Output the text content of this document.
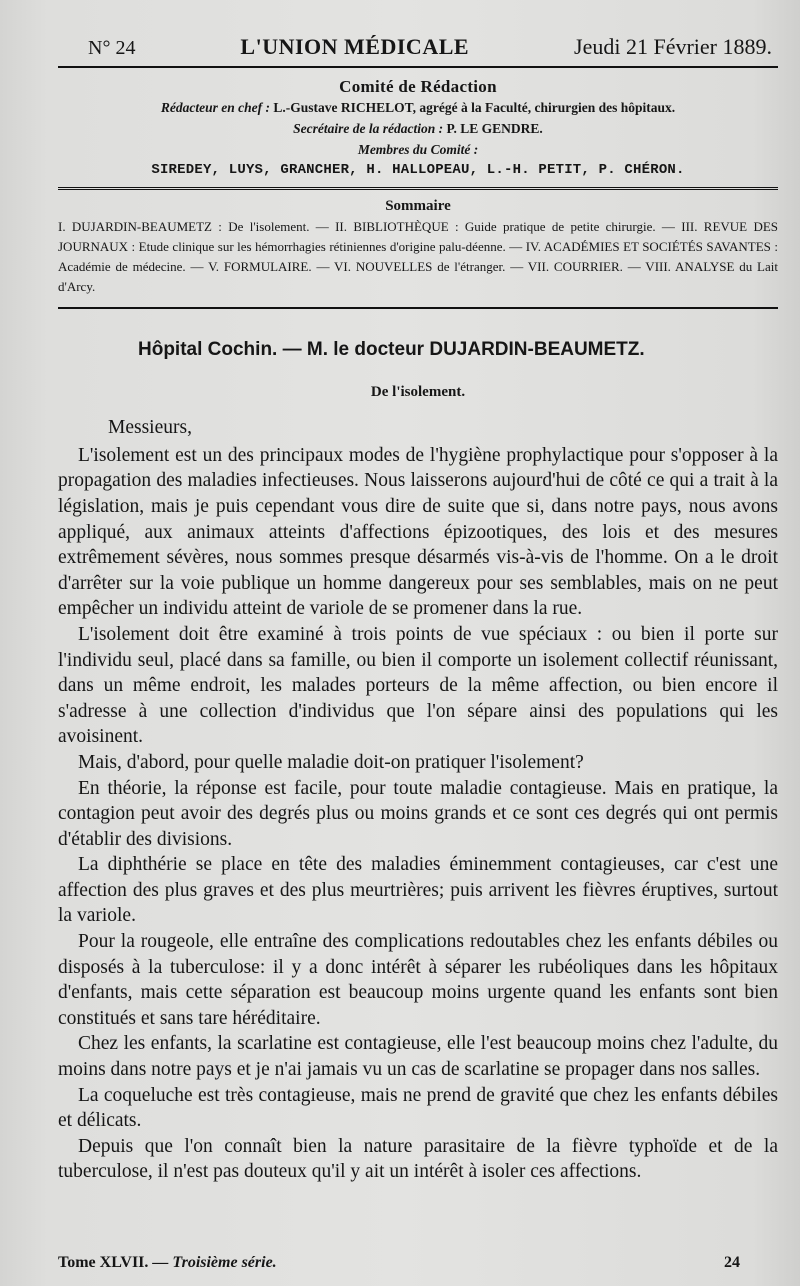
N° 24	L'UNION MÉDICALE	Jeudi 21 Février 1889.
Comité de Rédaction
Rédacteur en chef : L.-Gustave RICHELOT, agrégé à la Faculté, chirurgien des hôpitaux.
Secrétaire de la rédaction : P. LE GENDRE.
Membres du Comité :
SIREDEY, LUYS, GRANCHER, H. HALLOPEAU, L.-H. PETIT, P. CHÉRON.
Sommaire

I. DUJARDIN-BEAUMETZ : De l'isolement. — II. BIBLIOTHÈQUE : Guide pratique de petite chirurgie. — III. REVUE DES JOURNAUX : Etude clinique sur les hémorrhagies rétiniennes d'origine palu-déenne. — IV. ACADÉMIES ET SOCIÉTÉS SAVANTES : Académie de médecine. — V. FORMULAIRE. — VI. NOUVELLES de l'étranger. — VII. COURRIER. — VIII. ANALYSE du Lait d'Arcy.

Hôpital Cochin. — M. le docteur DUJARDIN-BEAUMETZ.
De l'isolement.
Messieurs,

L'isolement est un des principaux modes de l'hygiène prophylactique pour s'opposer à la propagation des maladies infectieuses. Nous laisserons aujourd'hui de côté ce qui a trait à la législation, mais je puis cependant vous dire de suite que si, dans notre pays, nous avons appliqué, aux animaux atteints d'affections épizootiques, des lois et des mesures extrêmement sévères, nous sommes presque désarmés vis-à-vis de l'homme. On a le droit d'arrêter sur la voie publique un homme dangereux pour ses semblables, mais on ne peut empêcher un individu atteint de variole de se promener dans la rue.

L'isolement doit être examiné à trois points de vue spéciaux : ou bien il porte sur l'individu seul, placé dans sa famille, ou bien il comporte un isolement collectif réunissant, dans un même endroit, les malades porteurs de la même affection, ou bien encore il s'adresse à une collection d'individus que l'on sépare ainsi des populations qui les avoisinent.

Mais, d'abord, pour quelle maladie doit-on pratiquer l'isolement?

En théorie, la réponse est facile, pour toute maladie contagieuse. Mais en pratique, la contagion peut avoir des degrés plus ou moins grands et ce sont ces degrés qui ont permis d'établir des divisions.

La diphthérie se place en tête des maladies éminemment contagieuses, car c'est une affection des plus graves et des plus meurtrières; puis arrivent les fièvres éruptives, surtout la variole.

Pour la rougeole, elle entraîne des complications redoutables chez les enfants débiles ou disposés à la tuberculose: il y a donc intérêt à séparer les rubéoliques dans les hôpitaux d'enfants, mais cette séparation est beaucoup moins urgente quand les enfants sont bien constitués et sans tare héréditaire.

Chez les enfants, la scarlatine est contagieuse, elle l'est beaucoup moins chez l'adulte, du moins dans notre pays et je n'ai jamais vu un cas de scarlatine se propager dans nos salles.

La coqueluche est très contagieuse, mais ne prend de gravité que chez les enfants débiles et délicats.

Depuis que l'on connaît bien la nature parasitaire de la fièvre typhoïde et de la tuberculose, il n'est pas douteux qu'il y ait un intérêt à isoler ces affections.

Tome XLVII. — Troisième série.	24
